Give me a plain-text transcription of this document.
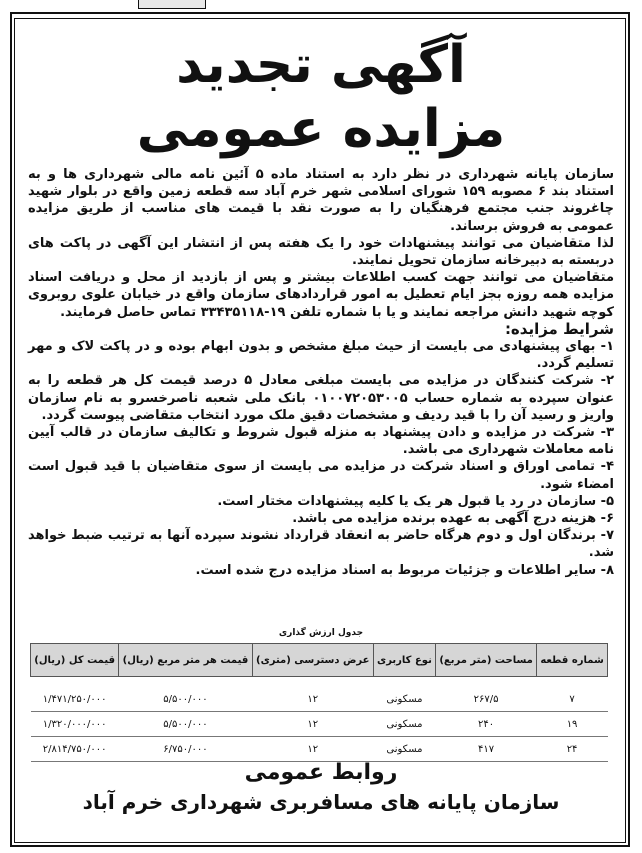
آگهی تجدید
مزایده عمومی

سازمان پایانه شهرداری در نظر دارد به استناد ماده ۵ آئین نامه مالی شهرداری ها و به استناد بند ۶ مصوبه ۱۵۹ شورای اسلامی شهر خرم آباد سه قطعه زمین واقع در بلوار شهید چاغروند جنب مجتمع فرهنگیان را به صورت نقد با قیمت های مناسب از طریق مزایده عمومی به فروش برساند.

لذا متقاضیان می توانند پیشنهادات خود را یک هفته پس از انتشار این آگهی در پاکت های دربسته به دبیرخانه سازمان تحویل نمایند.

متقاضیان می توانند جهت کسب اطلاعات بیشتر و پس از بازدید از محل و دریافت اسناد مزایده همه روزه بجز ایام تعطیل به امور قراردادهای سازمان واقع در خیابان علوی روبروی کوچه شهید دانش مراجعه نمایند و یا با شماره تلفن ۱۹-۳۳۴۳۵۱۱۸ تماس حاصل فرمایند.

شرایط مزایده:

۱- بهای پیشنهادی می بایست از حیث مبلغ مشخص و بدون ابهام بوده و در پاکت لاک و مهر تسلیم گردد.

۲- شرکت کنندگان در مزایده می بایست مبلغی معادل ۵ درصد قیمت کل هر قطعه را به عنوان سپرده به شماره حساب ۰۱۰۰۷۲۰۵۳۰۰۵ بانک ملی شعبه ناصرخسرو به نام سازمان واریز و رسید آن را با قید ردیف و مشخصات دقیق ملک مورد انتخاب متقاضی پیوست گردد.

۳- شرکت در مزایده و دادن پیشنهاد به منزله قبول شروط و تکالیف سازمان در قالب آیین نامه معاملات شهرداری می باشد.

۴- تمامی اوراق و اسناد شرکت در مزایده می بایست از سوی متقاضیان با قید قبول است امضاء شود.

۵- سازمان در رد یا قبول هر یک یا کلیه پیشنهادات مختار است.

۶- هزینه درج آگهی به عهده برنده مزایده می باشد.

۷- برندگان اول و دوم هرگاه حاضر به انعقاد قرارداد نشوند سپرده آنها به ترتیب ضبط خواهد شد.

۸- سایر اطلاعات و جزئیات مربوط به اسناد مزایده درج شده است.

جدول ارزش گذاری
شماره قطعه	مساحت (متر مربع)	نوع کاربری	عرض دسترسی (متری)	قیمت هر متر مربع (ریال)	قیمت کل (ریال)

۷	۲۶۷/۵	مسکونی	۱۲	۵/۵۰۰/۰۰۰	۱/۴۷۱/۲۵۰/۰۰۰
۱۹	۲۴۰	مسکونی	۱۲	۵/۵۰۰/۰۰۰	۱/۳۲۰/۰۰۰/۰۰۰
۲۴	۴۱۷	مسکونی	۱۲	۶/۷۵۰/۰۰۰	۲/۸۱۴/۷۵۰/۰۰۰
روابط عمومی
سازمان پایانه های مسافربری شهرداری خرم آباد
